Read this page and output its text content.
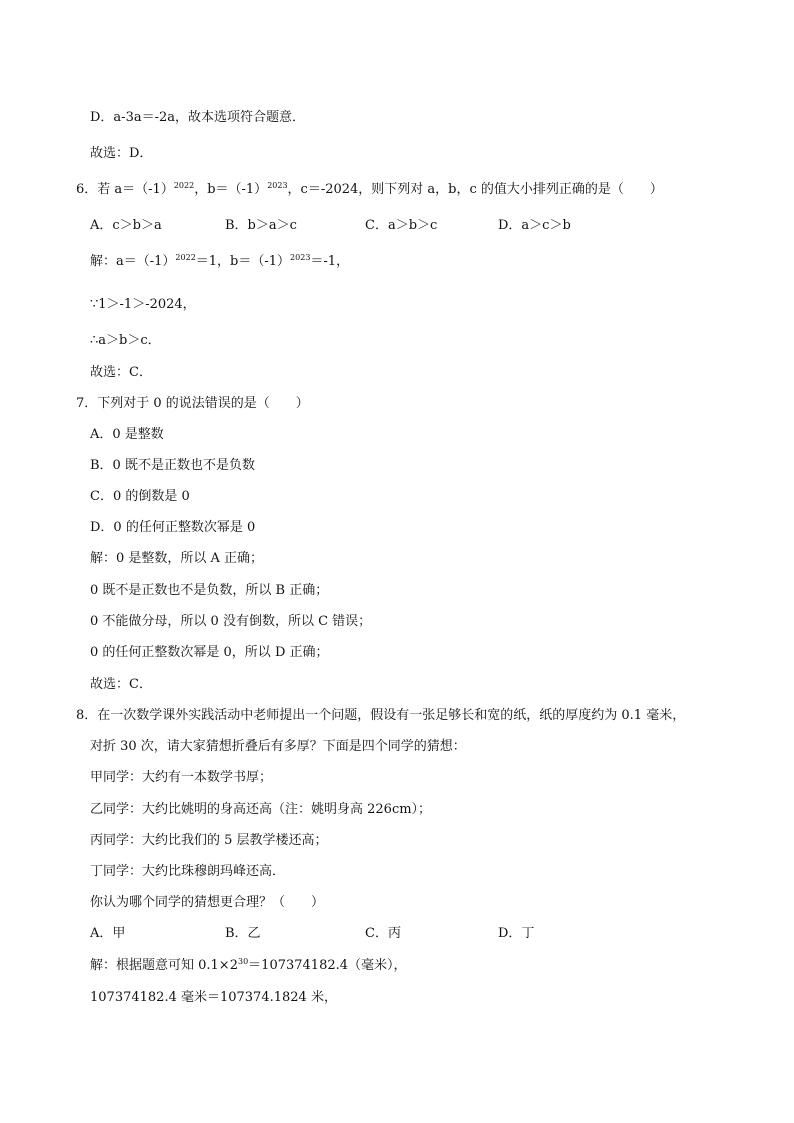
D．a-3a＝-2a，故本选项符合题意．
故选：D．
6．若 $a=(-1)^{2022}$，$b=(-1)^{2023}$，c＝-2024，则下列对 a，b，c 的值大小排列正确的是（　　）
A．c＞b＞a	B．b＞a＞c	C．a＞b＞c	D．a＞c＞b
解：$a=(-1)^{2022}=1$，$b=(-1)^{2023}=-1$，
∵1＞-1＞-2024，
∴a＞b＞c．
故选：C．
7．下列对于 0 的说法错误的是（　　）
A．0 是整数
B．0 既不是正数也不是负数
C．0 的倒数是 0
D．0 的任何正整数次幂是 0
解：0 是整数，所以 A 正确；
0 既不是正数也不是负数，所以 B 正确；
0 不能做分母，所以 0 没有倒数，所以 C 错误；
0 的任何正整数次幂是 0，所以 D 正确；
故选：C．
8．在一次数学课外实践活动中老师提出一个问题，假设有一张足够长和宽的纸，纸的厚度约为 0.1 毫米，
对折 30 次，请大家猜想折叠后有多厚？下面是四个同学的猜想：
甲同学：大约有一本数学书厚；
乙同学：大约比姚明的身高还高（注：姚明身高 226cm）；
丙同学：大约比我们的 5 层教学楼还高；
丁同学：大约比珠穆朗玛峰还高．
你认为哪个同学的猜想更合理？（　　）
A．甲	B．乙	C．丙	D．丁
解：根据题意可知 $0.1\times 2^{30}=107374182.4$（毫米），
107374182.4 毫米＝107374.1824 米，
